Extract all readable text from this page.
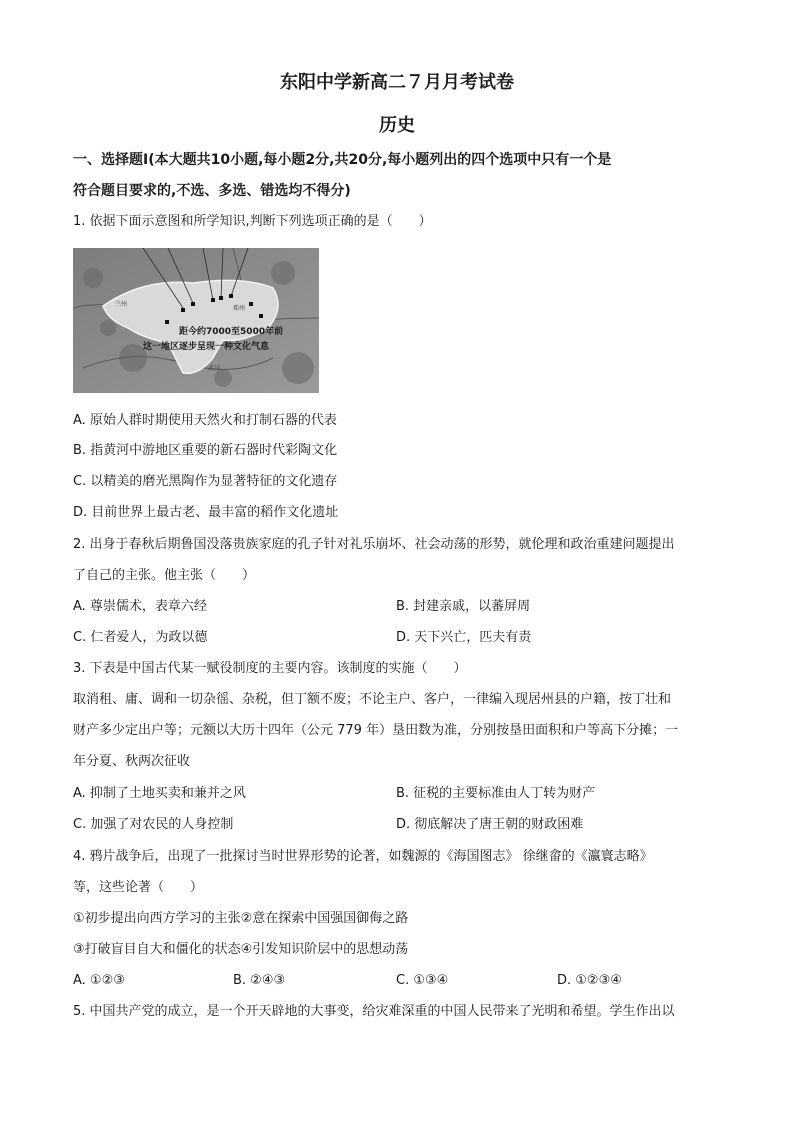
东阳中学新高二７月月考试卷
历史
一、选择题Ⅰ(本大题共10小题,每小题2分,共20分,每小题列出的四个选项中只有一个是
符合题目要求的,不选、多选、错选均不得分)
1. 依据下面示意图和所学知识,判断下列选项正确的是（　　）
兰州
郑州
武汉
距今约7000至5000年前
这一地区逐步呈现一种文化气息
A. 原始人群时期使用天然火和打制石器的代表
B. 指黄河中游地区重要的新石器时代彩陶文化
C. 以精美的磨光黑陶作为显著特征的文化遗存
D. 目前世界上最古老、最丰富的稻作文化遗址
2. 出身于春秋后期鲁国没落贵族家庭的孔子针对礼乐崩坏、社会动荡的形势，就伦理和政治重建问题提出
了自己的主张。他主张（　　）
A. 尊崇儒术，表章六经	B. 封建亲戚，以蕃屏周
C. 仁者爱人，为政以德	D. 天下兴亡，匹夫有责
3. 下表是中国古代某一赋役制度的主要内容。该制度的实施（　　）
取消租、庸、调和一切杂徭、杂税，但丁额不废；不论主户、客户，一律编入现居州县的户籍，按丁壮和
财产多少定出户等；元额以大历十四年（公元 779 年）垦田数为准，分别按垦田面积和户等高下分摊；一
年分夏、秋两次征收
A. 抑制了土地买卖和兼并之风	B. 征税的主要标准由人丁转为财产
C. 加强了对农民的人身控制	D. 彻底解决了唐王朝的财政困难
4. 鸦片战争后，出现了一批探讨当时世界形势的论著，如魏源的《海国图志》 徐继畲的《瀛寰志略》
等，这些论著（　　）
①初步提出向西方学习的主张②意在探索中国强国御侮之路
③打破盲目自大和僵化的状态④引发知识阶层中的思想动荡
A. ①②③	B. ②④③	C. ①③④	D. ①②③④
5. 中国共产党的成立，是一个开天辟地的大事变，给灾难深重的中国人民带来了光明和希望。学生作出以
